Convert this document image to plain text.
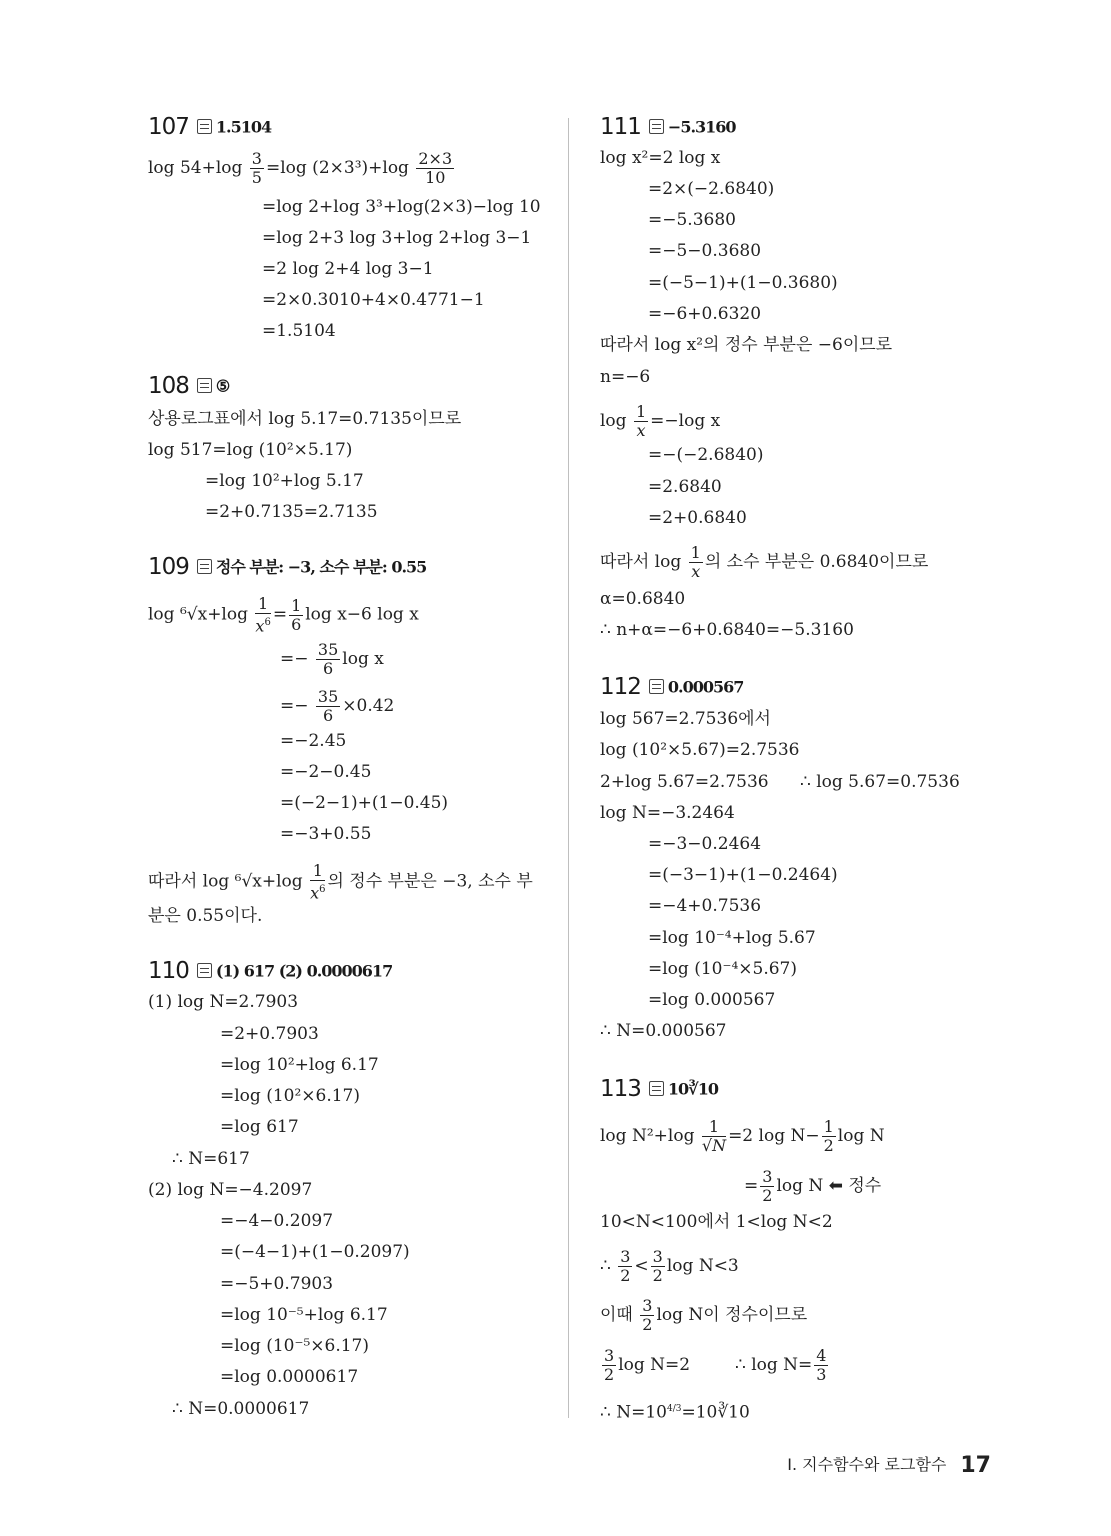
107 1.5104
$\log 54+\log \frac{3}{5} =\log$ $(2\times 3^3)+\log \frac{2\times 3}{10}$
=log 2+log 3³+log(2×3)−log 10
=log 2+3 log 3+log 2+log 3−1
=2 log 2+4 log 3−1
=2×0.3010+4×0.4771−1
=1.5104
108 ⑤
상용로그표에서 log 5.17=0.7135이므로
log 517=log (10²×5.17)
=log 10²+log 5.17
=2+0.7135=2.7135
109 정수 부분: −3, 소수 부분: 0.55
$\log ^6√x+\log \frac{1}{x^6} = \frac{1}{6}$ log x−6 log x
=− $\frac{35}{6}$ log x
=− $\frac{35}{6} \times 0.42$
=−2.45
=−2−0.45
=(−2−1)+(1−0.45)
=−3+0.55
따라서 $\log ^6√x+\log \frac{1}{x^6}$ 의 정수 부분은 −3, 소수 부
분은 0.55이다.
110 (1) 617 (2) 0.0000617
(1) log N=2.7903
=2+0.7903
=log 10²+log 6.17
=log (10²×6.17)
=log 617
∴ N=617
(2) log N=−4.2097
=−4−0.2097
=(−4−1)+(1−0.2097)
=−5+0.7903
=log 10⁻⁵+log 6.17
=log (10⁻⁵×6.17)
=log 0.0000617
∴ N=0.0000617
111 −5.3160
log x²=2 log x
=2×(−2.6840)
=−5.3680
=−5−0.3680
=(−5−1)+(1−0.3680)
=−6+0.6320
따라서 log x²의 정수 부분은 −6이므로
n=−6
$\log \frac{1}{x} =-\log$ x
=−(−2.6840)
=2.6840
=2+0.6840
따라서 $\log \frac{1}{x}$ 의 소수 부분은 0.6840이므로
α=0.6840
∴ n+α=−6+0.6840=−5.3160
112 0.000567
log 567=2.7536에서
log (10²×5.67)=2.7536
2+log 5.67=2.7536 ∴ log 5.67=0.7536
log N=−3.2464
=−3−0.2464
=(−3−1)+(1−0.2464)
=−4+0.7536
=log 10⁻⁴+log 5.67
=log (10⁻⁴×5.67)
=log 0.000567
∴ N=0.000567
113 10∛10
$\log N^2+\log \frac{1}{√N} =2$ $\log N- \frac{1}{2}$ log N
= $\frac{3}{2}$ log N ⬅ 정수
10<N<100에서 1<log N<2
∴ $\frac{3}{2} < \frac{3}{2}$ log N<3
이때 $\frac{3}{2}$ log N이 정수이므로
$\frac{3}{2}$ log N=2	∴ $\log N= \frac{4}{3}$
∴ $N=10^{4/3}=10∛10$
Ⅰ. 지수함수와 로그함수 17
